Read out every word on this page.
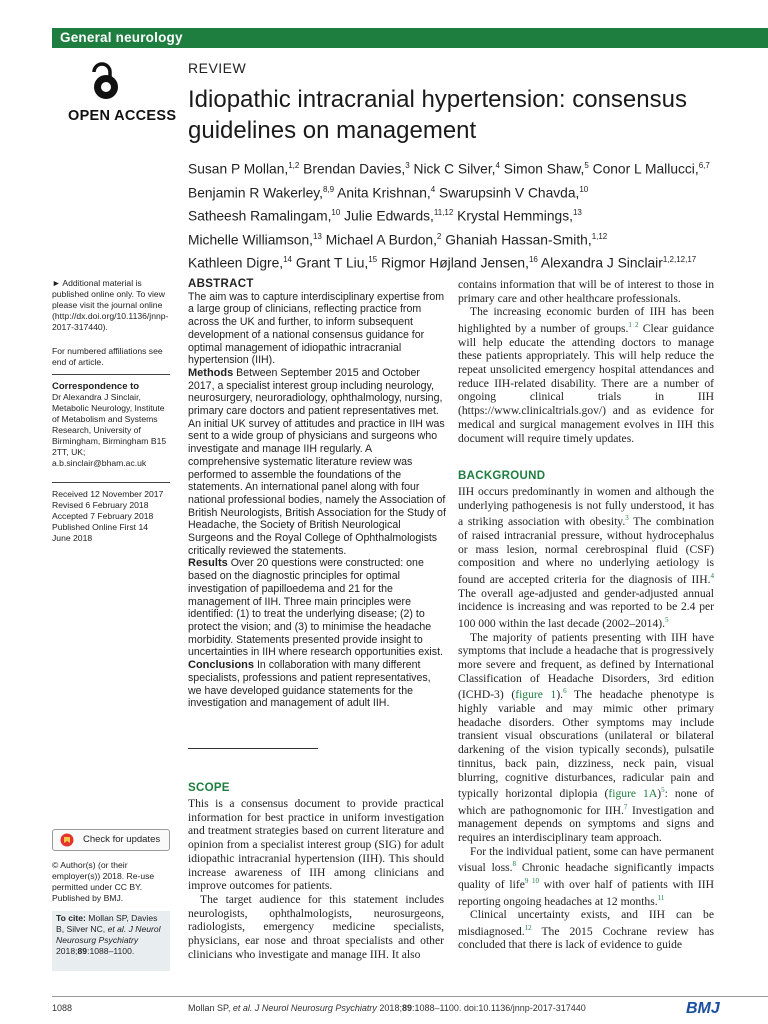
General neurology
OPEN ACCESS
REVIEW
Idiopathic intracranial hypertension: consensus guidelines on management
Susan P Mollan,$^{1,2}$ Brendan Davies,$^3$ Nick C Silver,$^4$ Simon Shaw,$^5$ Conor L Mallucci,$^{6,7}$
Benjamin R Wakerley,$^{8,9}$ Anita Krishnan,$^4$ Swarupsinh V Chavda,$^{10}$
Satheesh Ramalingam,$^{10}$ Julie Edwards,$^{11,12}$ Krystal Hemmings,$^{13}$
Michelle Williamson,$^{13}$ Michael A Burdon,$^2$ Ghaniah Hassan-Smith,$^{1,12}$
Kathleen Digre,$^{14}$ Grant T Liu,$^{15}$ Rigmor Højland Jensen,$^{16}$ Alexandra J Sinclair$^{1,2,12,17}$
► Additional material is published online only. To view please visit the journal online (http://dx.doi.org/10.1136/jnnp-2017-317440).
For numbered affiliations see end of article.
Correspondence to
Dr Alexandra J Sinclair, Metabolic Neurology, Institute of Metabolism and Systems Research, University of Birmingham, Birmingham B15 2TT, UK; a.b.sinclair@bham.ac.uk
Received 12 November 2017
Revised 6 February 2018
Accepted 7 February 2018
Published Online First 14 June 2018
Check for updates
© Author(s) (or their employer(s)) 2018. Re-use permitted under CC BY. Published by BMJ.
To cite: Mollan SP, Davies B, Silver NC, et al. J Neurol Neurosurg Psychiatry 2018;89:1088–1100.
ABSTRACT
The aim was to capture interdisciplinary expertise from a large group of clinicians, reflecting practice from across the UK and further, to inform subsequent development of a national consensus guidance for optimal management of idiopathic intracranial hypertension (IIH).
Methods Between September 2015 and October 2017, a specialist interest group including neurology, neurosurgery, neuroradiology, ophthalmology, nursing, primary care doctors and patient representatives met. An initial UK survey of attitudes and practice in IIH was sent to a wide group of physicians and surgeons who investigate and manage IIH regularly. A comprehensive systematic literature review was performed to assemble the foundations of the statements. An international panel along with four national professional bodies, namely the Association of British Neurologists, British Association for the Study of Headache, the Society of British Neurological Surgeons and the Royal College of Ophthalmologists critically reviewed the statements.
Results Over 20 questions were constructed: one based on the diagnostic principles for optimal investigation of papilloedema and 21 for the management of IIH. Three main principles were identified: (1) to treat the underlying disease; (2) to protect the vision; and (3) to minimise the headache morbidity. Statements presented provide insight to uncertainties in IIH where research opportunities exist.
Conclusions In collaboration with many different specialists, professions and patient representatives, we have developed guidance statements for the investigation and management of adult IIH.
SCOPE

This is a consensus document to provide practical information for best practice in uniform investigation and treatment strategies based on current literature and opinion from a specialist interest group (SIG) for adult idiopathic intracranial hypertension (IIH). This should increase awareness of IIH among clinicians and improve outcomes for patients.

The target audience for this statement includes neurologists, ophthalmologists, neurosurgeons, radiologists, emergency medicine specialists, physicians, ear nose and throat specialists and other clinicians who investigate and manage IIH. It also

contains information that will be of interest to those in primary care and other healthcare professionals.

The increasing economic burden of IIH has been highlighted by a number of groups.$^{1 2}$ Clear guidance will help educate the attending doctors to manage these patients appropriately. This will help reduce the repeat unsolicited emergency hospital attendances and reduce IIH-related disability. There are a number of ongoing clinical trials in IIH (https://www.clinicaltrials.gov/) and as evidence for medical and surgical management evolves in IIH this document will require timely updates.

BACKGROUND

IIH occurs predominantly in women and although the underlying pathogenesis is not fully understood, it has a striking association with obesity.$^3$ The combination of raised intracranial pressure, without hydrocephalus or mass lesion, normal cerebrospinal fluid (CSF) composition and where no underlying aetiology is found are accepted criteria for the diagnosis of IIH.$^4$ The overall age-adjusted and gender-adjusted annual incidence is increasing and was reported to be 2.4 per 100 000 within the last decade (2002–2014).$^5$

The majority of patients presenting with IIH have symptoms that include a headache that is progressively more severe and frequent, as defined by International Classification of Headache Disorders, 3rd edition (ICHD-3) (figure 1).$^6$ The headache phenotype is highly variable and may mimic other primary headache disorders. Other symptoms may include transient visual obscurations (unilateral or bilateral darkening of the vision typically seconds), pulsatile tinnitus, back pain, dizziness, neck pain, visual blurring, cognitive disturbances, radicular pain and typically horizontal diplopia (figure 1A)$^5$: none of which are pathognomonic for IIH.$^7$ Investigation and management depends on symptoms and signs and requires an interdisciplinary team approach.

For the individual patient, some can have permanent visual loss.$^8$ Chronic headache significantly impacts quality of life$^{9 10}$ with over half of patients with IIH reporting ongoing headaches at 12 months.$^{11}$

Clinical uncertainty exists, and IIH can be misdiagnosed.$^{12}$ The 2015 Cochrane review has concluded that there is lack of evidence to guide

1088	Mollan SP, et al. J Neurol Neurosurg Psychiatry 2018;89:1088–1100. doi:10.1136/jnnp-2017-317440	BMJ
